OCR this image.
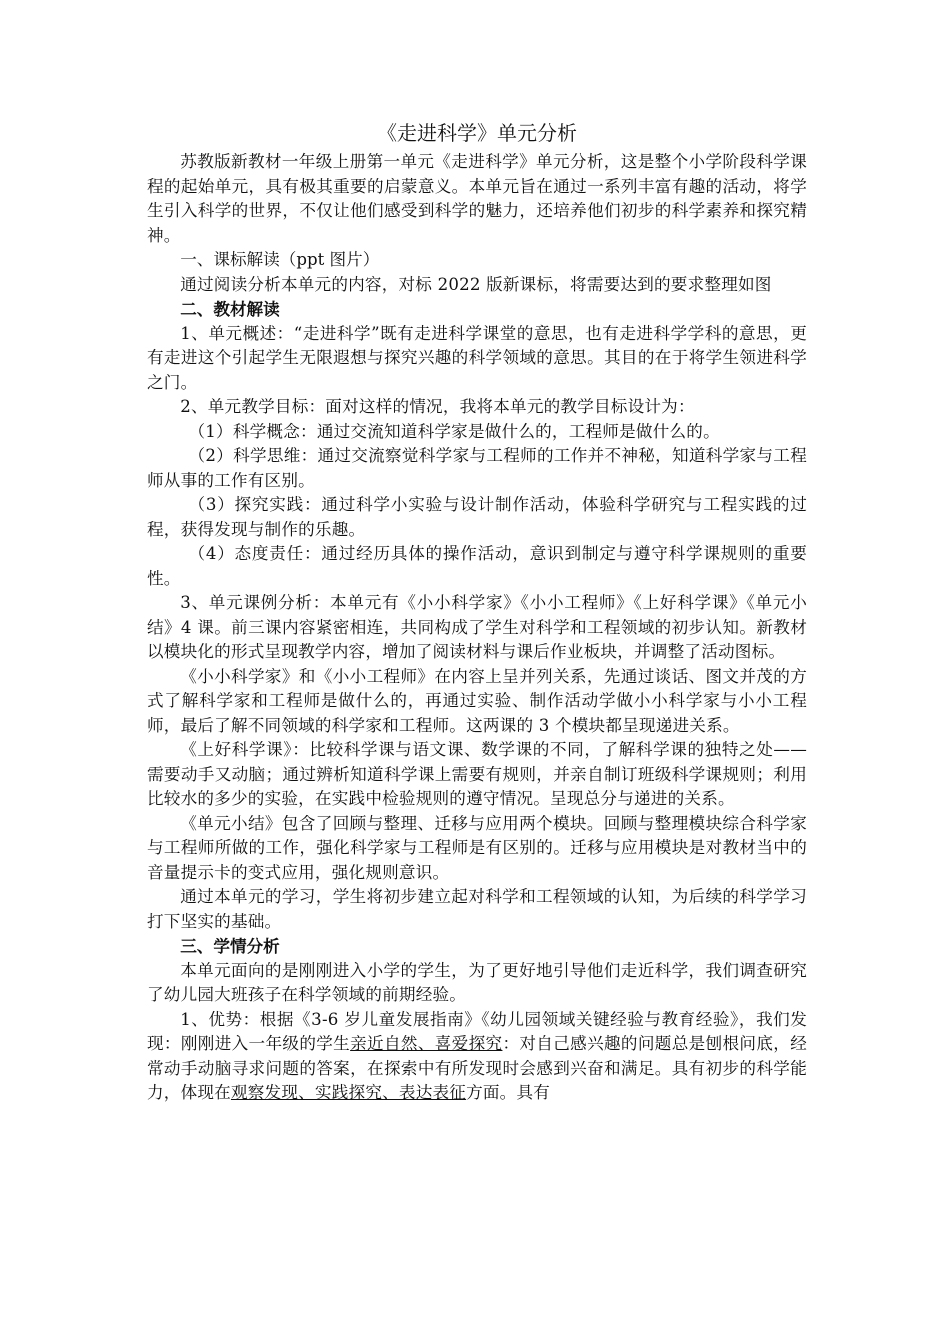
《走进科学》单元分析

苏教版新教材一年级上册第一单元《走进科学》单元分析，这是整个小学阶段科学课程的起始单元，具有极其重要的启蒙意义。本单元旨在通过一系列丰富有趣的活动，将学生引入科学的世界，不仅让他们感受到科学的魅力，还培养他们初步的科学素养和探究精神。

一、课标解读（ppt 图片）

通过阅读分析本单元的内容，对标 2022 版新课标，将需要达到的要求整理如图

二、教材解读

1、单元概述：“走进科学”既有走进科学课堂的意思，也有走进科学学科的意思，更有走进这个引起学生无限遐想与探究兴趣的科学领域的意思。其目的在于将学生领进科学之门。

2、单元教学目标：面对这样的情况，我将本单元的教学目标设计为：

（1）科学概念：通过交流知道科学家是做什么的，工程师是做什么的。

（2）科学思维：通过交流察觉科学家与工程师的工作并不神秘，知道科学家与工程师从事的工作有区别。

（3）探究实践：通过科学小实验与设计制作活动，体验科学研究与工程实践的过程，获得发现与制作的乐趣。

（4）态度责任：通过经历具体的操作活动，意识到制定与遵守科学课规则的重要性。

3、单元课例分析：本单元有《小小科学家》《小小工程师》《上好科学课》《单元小结》4 课。前三课内容紧密相连，共同构成了学生对科学和工程领域的初步认知。新教材以模块化的形式呈现教学内容，增加了阅读材料与课后作业板块，并调整了活动图标。

《小小科学家》和《小小工程师》在内容上呈并列关系，先通过谈话、图文并茂的方式了解科学家和工程师是做什么的，再通过实验、制作活动学做小小科学家与小小工程师，最后了解不同领域的科学家和工程师。这两课的 3 个模块都呈现递进关系。

《上好科学课》：比较科学课与语文课、数学课的不同，了解科学课的独特之处——需要动手又动脑；通过辨析知道科学课上需要有规则，并亲自制订班级科学课规则；利用比较水的多少的实验，在实践中检验规则的遵守情况。呈现总分与递进的关系。

《单元小结》包含了回顾与整理、迁移与应用两个模块。回顾与整理模块综合科学家与工程师所做的工作，强化科学家与工程师是有区别的。迁移与应用模块是对教材当中的音量提示卡的变式应用，强化规则意识。

通过本单元的学习，学生将初步建立起对科学和工程领域的认知，为后续的科学学习打下坚实的基础。

三、学情分析

本单元面向的是刚刚进入小学的学生，为了更好地引导他们走近科学，我们调查研究了幼儿园大班孩子在科学领域的前期经验。

1、优势：根据《3-6 岁儿童发展指南》《幼儿园领域关键经验与教育经验》，我们发现：刚刚进入一年级的学生亲近自然、喜爱探究：对自己感兴趣的问题总是刨根问底，经常动手动脑寻求问题的答案，在探索中有所发现时会感到兴奋和满足。具有初步的科学能力，体现在观察发现、实践探究、表达表征方面。具有
